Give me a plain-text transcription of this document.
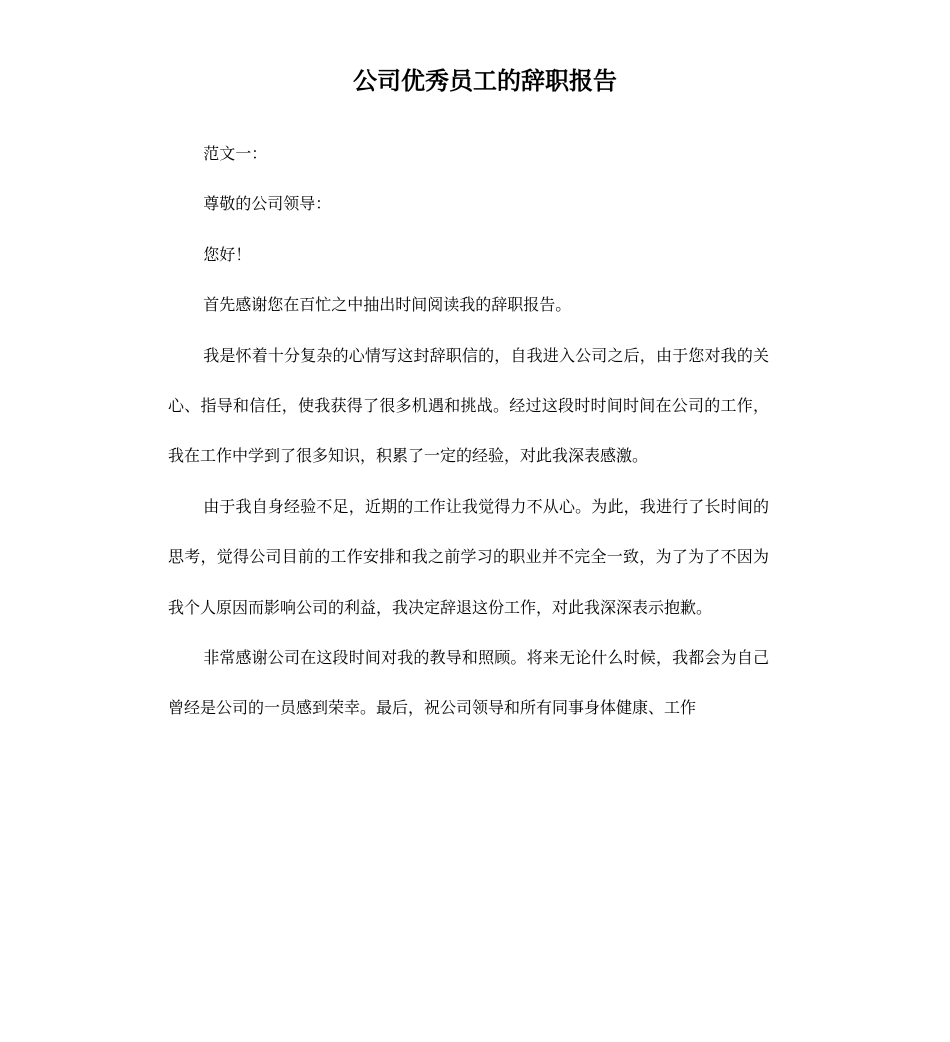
公司优秀员工的辞职报告

范文一：

尊敬的公司领导：

您好！

首先感谢您在百忙之中抽出时间阅读我的辞职报告。

我是怀着十分复杂的心情写这封辞职信的，自我进入公司之后，由于您对我的关心、指导和信任，使我获得了很多机遇和挑战。经过这段时时间时间在公司的工作，我在工作中学到了很多知识，积累了一定的经验，对此我深表感激。

由于我自身经验不足，近期的工作让我觉得力不从心。为此，我进行了长时间的思考，觉得公司目前的工作安排和我之前学习的职业并不完全一致，为了为了不因为我个人原因而影响公司的利益，我决定辞退这份工作，对此我深深表示抱歉。

非常感谢公司在这段时间对我的教导和照顾。将来无论什么时候，我都会为自己曾经是公司的一员感到荣幸。最后，祝公司领导和所有同事身体健康、工作
